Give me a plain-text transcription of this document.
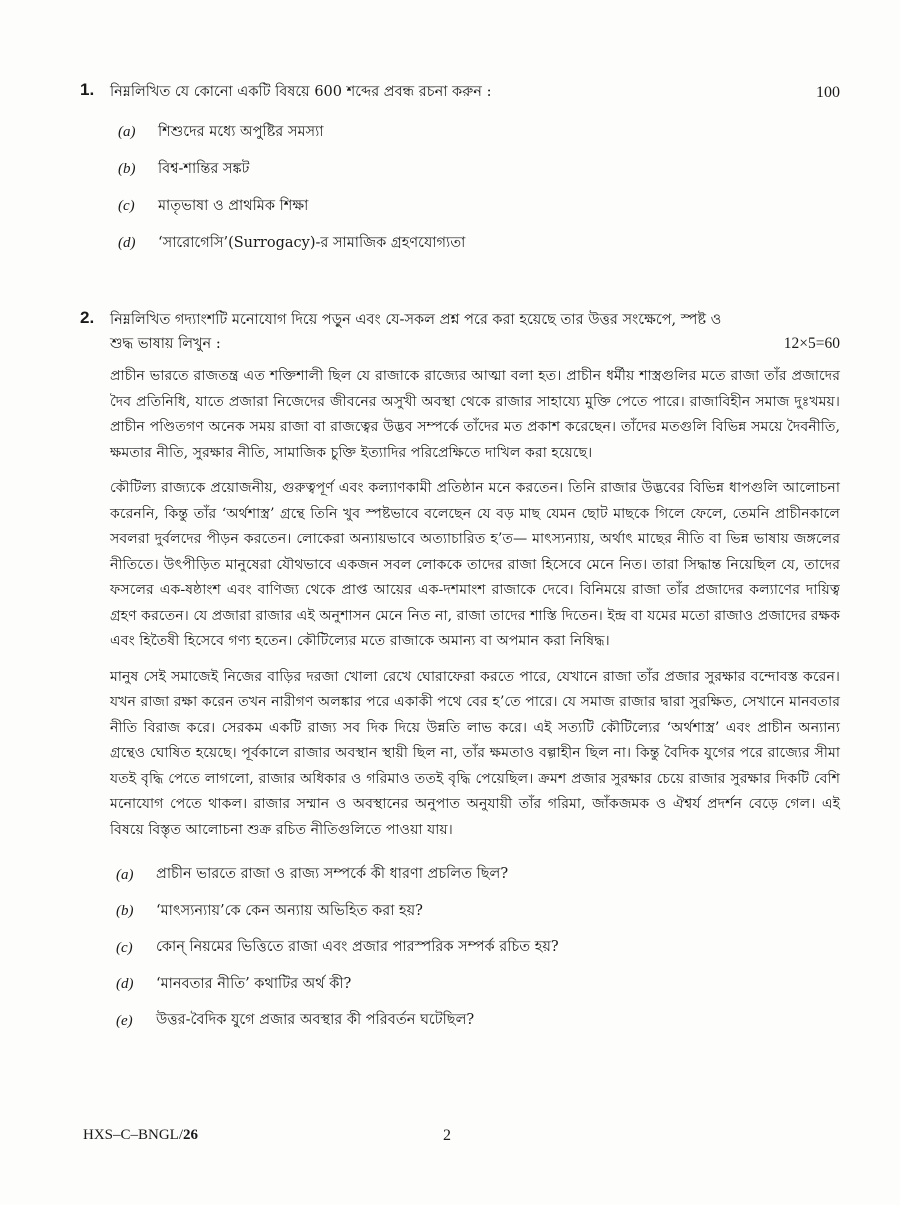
1. নিম্নলিখিত যে কোনো একটি বিষয়ে 600 শব্দের প্রবন্ধ রচনা করুন :	100
(a)	শিশুদের মধ্যে অপুষ্টির সমস্যা
(b)	বিশ্ব-শান্তির সঙ্কট
(c)	মাতৃভাষা ও প্রাথমিক শিক্ষা
(d)	‘সারোগেসি’(Surrogacy)-র সামাজিক গ্রহণযোগ্যতা
2. নিম্নলিখিত গদ্যাংশটি মনোযোগ দিয়ে পড়ুন এবং যে-সকল প্রশ্ন পরে করা হয়েছে তার উত্তর সংক্ষেপে, স্পষ্ট ও
শুদ্ধ ভাষায় লিখুন :	12×5=60
প্রাচীন ভারতে রাজতন্ত্র এত শক্তিশালী ছিল যে রাজাকে রাজ্যের আত্মা বলা হত। প্রাচীন ধর্মীয় শাস্ত্রগুলির মতে রাজা তাঁর প্রজাদের দৈব প্রতিনিধি, যাতে প্রজারা নিজেদের জীবনের অসুখী অবস্থা থেকে রাজার সাহায্যে মুক্তি পেতে পারে। রাজাবিহীন সমাজ দুঃখময়। প্রাচীন পণ্ডিতগণ অনেক সময় রাজা বা রাজত্বের উদ্ভব সম্পর্কে তাঁদের মত প্রকাশ করেছেন। তাঁদের মতগুলি বিভিন্ন সময়ে দৈবনীতি, ক্ষমতার নীতি, সুরক্ষার নীতি, সামাজিক চুক্তি ইত্যাদির পরিপ্রেক্ষিতে দাখিল করা হয়েছে।
কৌটিল্য রাজ্যকে প্রয়োজনীয়, গুরুত্বপূর্ণ এবং কল্যাণকামী প্রতিষ্ঠান মনে করতেন। তিনি রাজার উদ্ভবের বিভিন্ন ধাপগুলি আলোচনা করেননি, কিন্তু তাঁর ‘অর্থশাস্ত্র’ গ্রন্থে তিনি খুব স্পষ্টভাবে বলেছেন যে বড় মাছ যেমন ছোট মাছকে গিলে ফেলে, তেমনি প্রাচীনকালে সবলরা দুর্বলদের পীড়ন করতেন। লোকেরা অন্যায়ভাবে অত্যাচারিত হ’ত— মাৎস্যন্যায়, অর্থাৎ মাছের নীতি বা ভিন্ন ভাষায় জঙ্গলের নীতিতে। উৎপীড়িত মানুষেরা যৌথভাবে একজন সবল লোককে তাদের রাজা হিসেবে মেনে নিত। তারা সিদ্ধান্ত নিয়েছিল যে, তাদের ফসলের এক-ষষ্ঠাংশ এবং বাণিজ্য থেকে প্রাপ্ত আয়ের এক-দশমাংশ রাজাকে দেবে। বিনিময়ে রাজা তাঁর প্রজাদের কল্যাণের দায়িত্ব গ্রহণ করতেন। যে প্রজারা রাজার এই অনুশাসন মেনে নিত না, রাজা তাদের শাস্তি দিতেন। ইন্দ্র বা যমের মতো রাজাও প্রজাদের রক্ষক এবং হিতৈষী হিসেবে গণ্য হতেন। কৌটিল্যের মতে রাজাকে অমান্য বা অপমান করা নিষিদ্ধ।
মানুষ সেই সমাজেই নিজের বাড়ির দরজা খোলা রেখে ঘোরাফেরা করতে পারে, যেখানে রাজা তাঁর প্রজার সুরক্ষার বন্দোবস্ত করেন। যখন রাজা রক্ষা করেন তখন নারীগণ অলঙ্কার পরে একাকী পথে বের হ’তে পারে। যে সমাজ রাজার দ্বারা সুরক্ষিত, সেখানে মানবতার নীতি বিরাজ করে। সেরকম একটি রাজ্য সব দিক দিয়ে উন্নতি লাভ করে। এই সত্যটি কৌটিল্যের ‘অর্থশাস্ত্র’ এবং প্রাচীন অন্যান্য গ্রন্থেও ঘোষিত হয়েছে। পূর্বকালে রাজার অবস্থান স্থায়ী ছিল না, তাঁর ক্ষমতাও বল্গাহীন ছিল না। কিন্তু বৈদিক যুগের পরে রাজ্যের সীমা যতই বৃদ্ধি পেতে লাগলো, রাজার অধিকার ও গরিমাও ততই বৃদ্ধি পেয়েছিল। ক্রমশ প্রজার সুরক্ষার চেয়ে রাজার সুরক্ষার দিকটি বেশি মনোযোগ পেতে থাকল। রাজার সম্মান ও অবস্থানের অনুপাত অনুযায়ী তাঁর গরিমা, জাঁকজমক ও ঐশ্বর্য প্রদর্শন বেড়ে গেল। এই বিষয়ে বিস্তৃত আলোচনা শুক্র রচিত নীতিগুলিতে পাওয়া যায়।
(a)	প্রাচীন ভারতে রাজা ও রাজ্য সম্পর্কে কী ধারণা প্রচলিত ছিল?
(b)	‘মাৎস্যন্যায়’কে কেন অন্যায় অভিহিত করা হয়?
(c)	কোন্ নিয়মের ভিত্তিতে রাজা এবং প্রজার পারস্পরিক সম্পর্ক রচিত হয়?
(d)	‘মানবতার নীতি’ কথাটির অর্থ কী?
(e)	উত্তর-বৈদিক যুগে প্রজার অবস্থার কী পরিবর্তন ঘটেছিল?
HXS–C–BNGL/26	2
